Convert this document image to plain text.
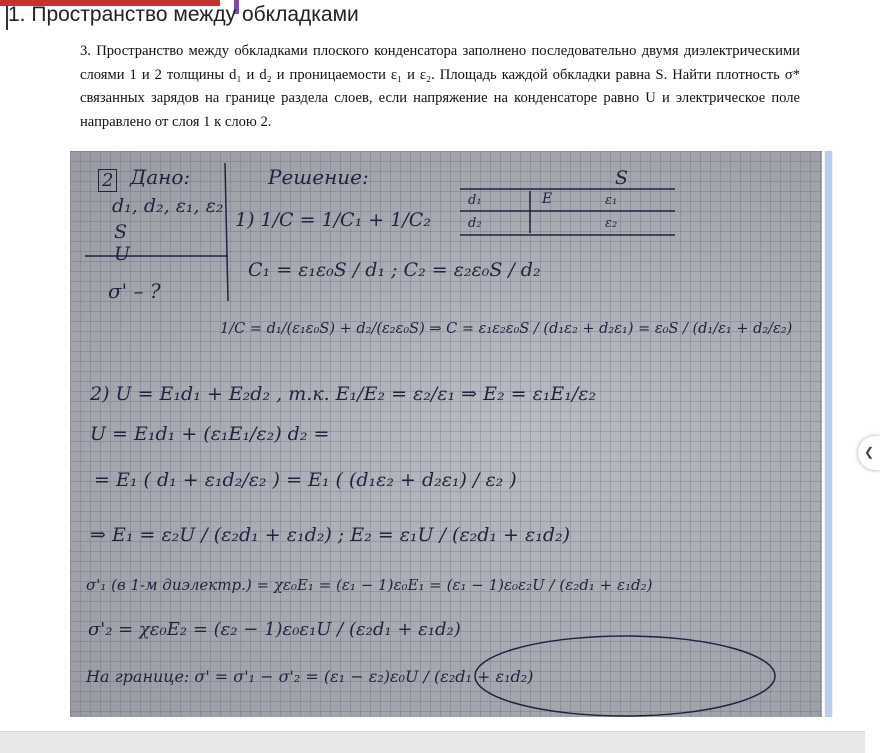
1. Пространство между обкладками
3. Пространство между обкладками плоского конденсатора заполнено последовательно двумя диэлектрическими слоями 1 и 2 толщины d₁ и d₂ и проницаемости ε₁ и ε₂. Площадь каждой обкладки равна S. Найти плотность σ* связанных зарядов на границе раздела слоев, если напряжение на конденсаторе равно U и электрическое поле направлено от слоя 1 к слою 2.
2 Дано:
d₁, d₂, ε₁, ε₂
S
U
σ' – ?
Решение:	S
d₁
d₂
E	ε₁
ε₂
1) 1/C = 1/C₁ + 1/C₂
C₁ = ε₁ε₀S / d₁ ; C₂ = ε₂ε₀S / d₂
1/C = d₁/(ε₁ε₀S) + d₂/(ε₂ε₀S) ⇒ C = ε₁ε₂ε₀S / (d₁ε₂ + d₂ε₁) = ε₀S / (d₁/ε₁ + d₂/ε₂)
2) U = E₁d₁ + E₂d₂ , т.к. E₁/E₂ = ε₂/ε₁ ⇒ E₂ = ε₁E₁/ε₂
U = E₁d₁ + (ε₁E₁/ε₂) d₂ =
= E₁ ( d₁ + ε₁d₂/ε₂ ) = E₁ ( (d₁ε₂ + d₂ε₁) / ε₂ )
⇒ E₁ = ε₂U / (ε₂d₁ + ε₁d₂) ; E₂ = ε₁U / (ε₂d₁ + ε₁d₂)
σ'₁ (в 1-м диэлектр.) = χε₀E₁ = (ε₁ − 1)ε₀E₁ = (ε₁ − 1)ε₀ε₂U / (ε₂d₁ + ε₁d₂)
σ'₂ = χε₀E₂ = (ε₂ − 1)ε₀ε₁U / (ε₂d₁ + ε₁d₂)
На границе: σ' = σ'₁ − σ'₂ = (ε₁ − ε₂)ε₀U / (ε₂d₁ + ε₁d₂)
❮
